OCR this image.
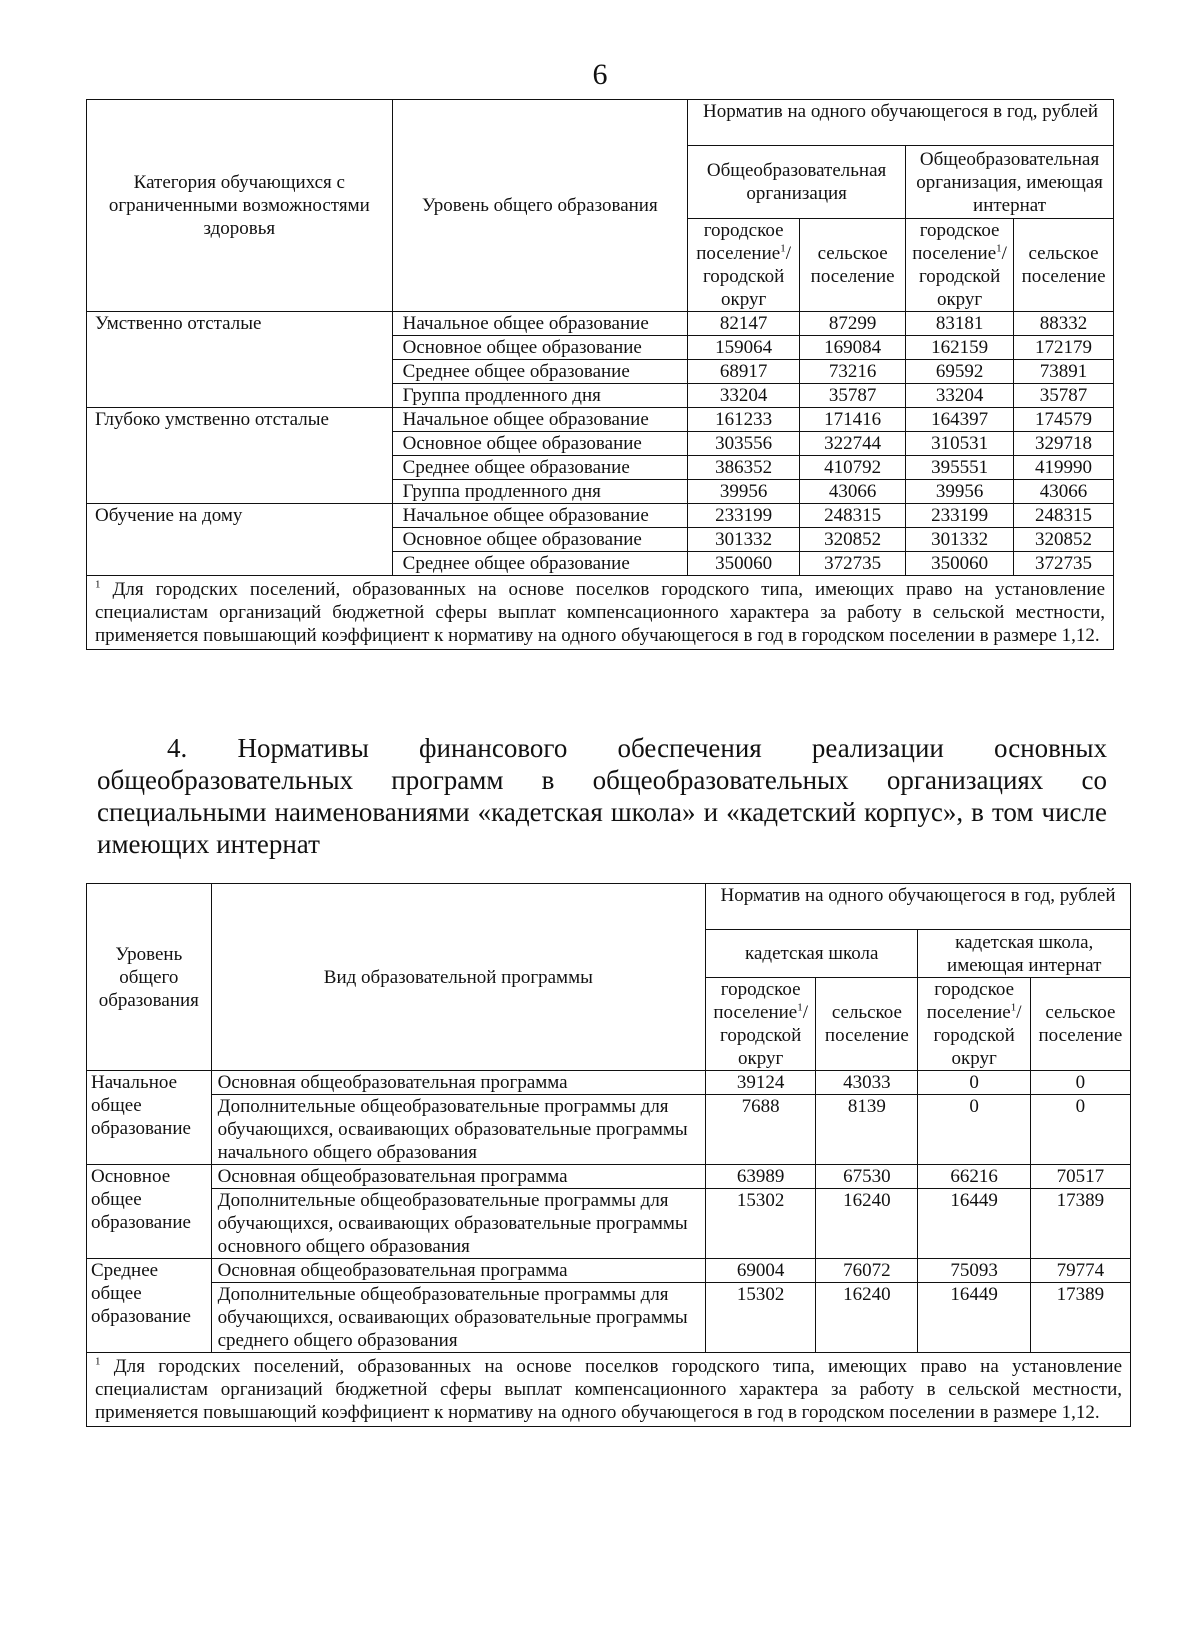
6
Категория обучающихся с ограниченными возможностями здоровья	Уровень общего образования	Норматив на одного обучающегося в год, рублей			
		Общеобразовательная организация		Общеобразовательная организация, имеющая интернат	
		городское поселение$^1$/ городской округ	сельское поселение	городское поселение$^1$/ городской округ	сельское поселение
Умственно отсталые	Начальное общее образование	82147	87299	83181	88332
	Основное общее образование	159064	169084	162159	172179
	Среднее общее образование	68917	73216	69592	73891
	Группа продленного дня	33204	35787	33204	35787
Глубоко умственно отсталые	Начальное общее образование	161233	171416	164397	174579
	Основное общее образование	303556	322744	310531	329718
	Среднее общее образование	386352	410792	395551	419990
	Группа продленного дня	39956	43066	39956	43066
Обучение на дому	Начальное общее образование	233199	248315	233199	248315
	Основное общее образование	301332	320852	301332	320852
	Среднее общее образование	350060	372735	350060	372735
$^1$ Для городских поселений, образованных на основе поселков городского типа, имеющих право на установление специалистам организаций бюджетной сферы выплат компенсационного характера за работу в сельской местности, применяется повышающий коэффициент к нормативу на одного обучающегося в год в городском поселении в размере 1,12.					
4. Нормативы финансового обеспечения реализации основных общеобразовательных программ в общеобразовательных организациях со специальными наименованиями «кадетская школа» и «кадетский корпус», в том числе имеющих интернат
Уровень общего образования	Вид образовательной программы	Норматив на одного обучающегося в год, рублей			
		кадетская школа		кадетская школа, имеющая интернат	
		городское поселение$^1$/ городской округ	сельское поселение	городское поселение$^1$/ городской округ	сельское поселение
Начальное общее образование	Основная общеобразовательная программа	39124	43033	0	0
	Дополнительные общеобразовательные программы для обучающихся, осваивающих образовательные программы начального общего образования	7688	8139	0	0
Основное общее образование	Основная общеобразовательная программа	63989	67530	66216	70517
	Дополнительные общеобразовательные программы для обучающихся, осваивающих образовательные программы основного общего образования	15302	16240	16449	17389
Среднее общее образование	Основная общеобразовательная программа	69004	76072	75093	79774
	Дополнительные общеобразовательные программы для обучающихся, осваивающих образовательные программы среднего общего образования	15302	16240	16449	17389
$^1$ Для городских поселений, образованных на основе поселков городского типа, имеющих право на установление специалистам организаций бюджетной сферы выплат компенсационного характера за работу в сельской местности, применяется повышающий коэффициент к нормативу на одного обучающегося в год в городском поселении в размере 1,12.					
